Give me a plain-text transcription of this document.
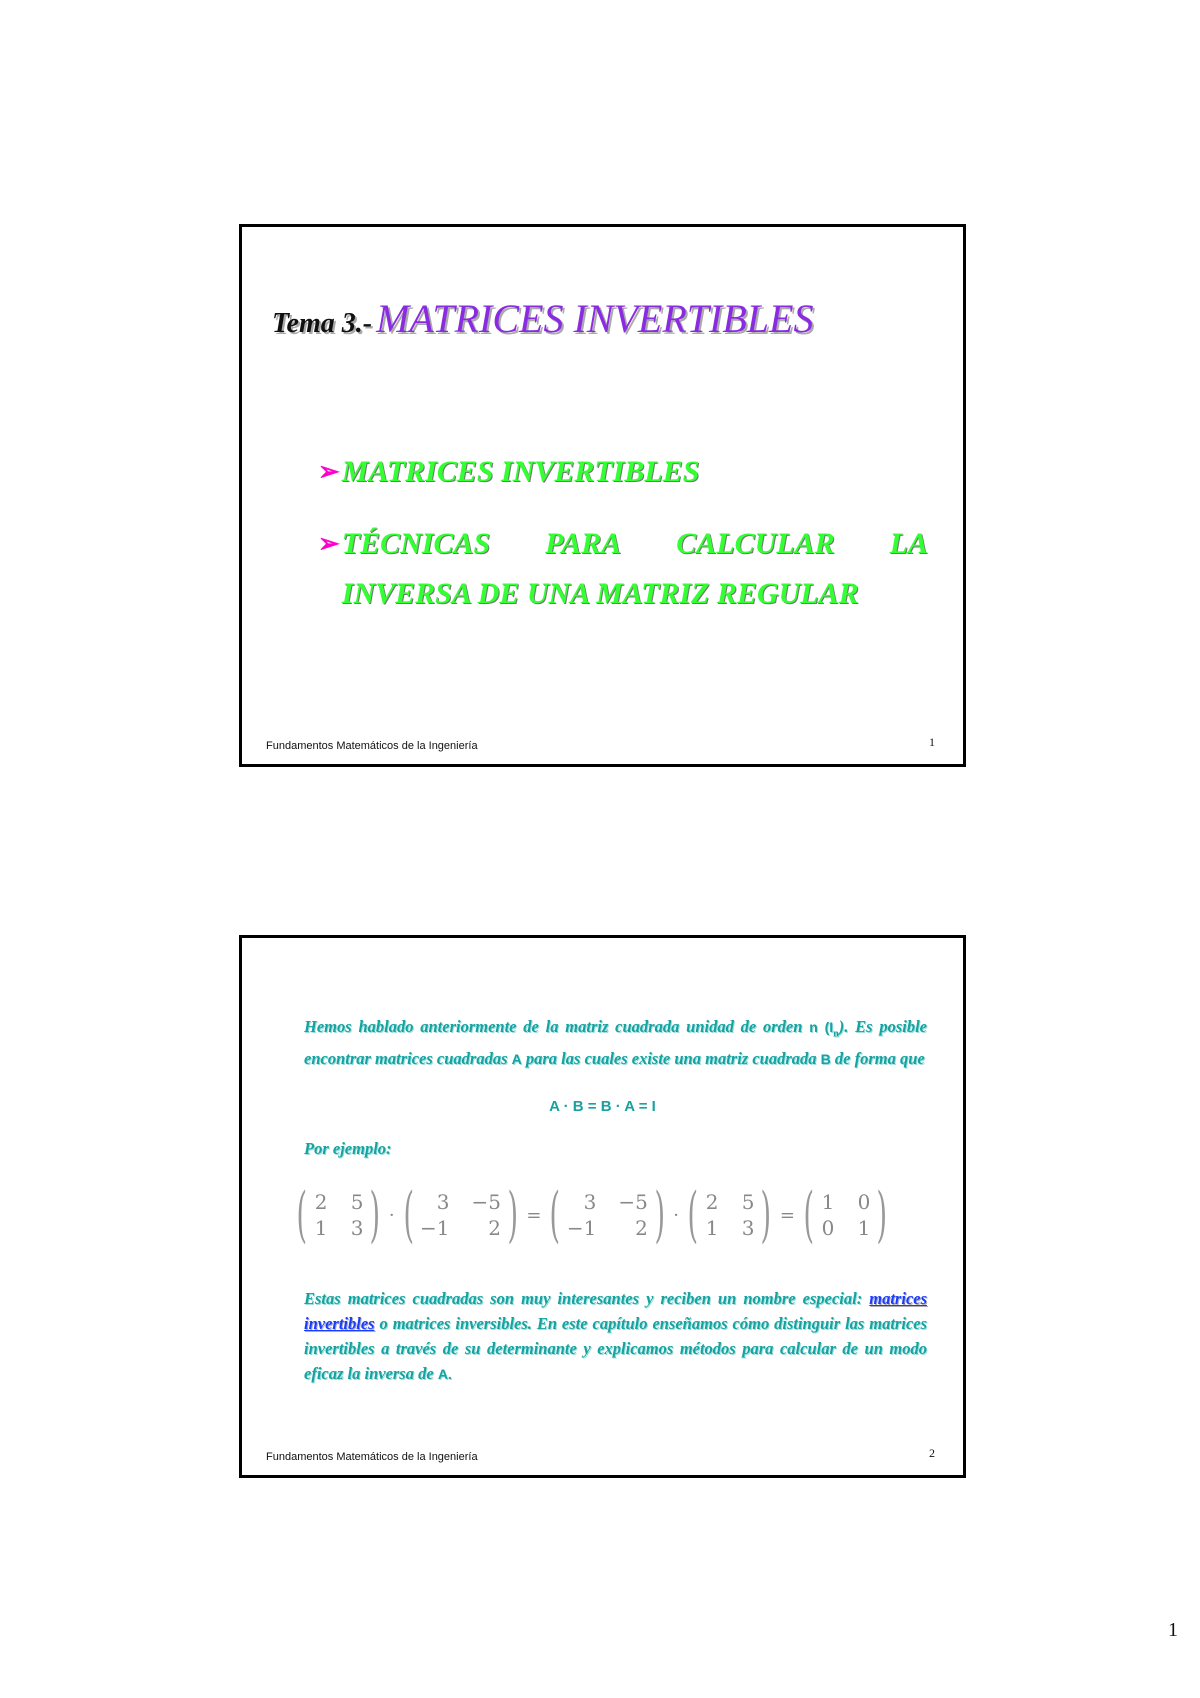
Tema 3.- MATRICES INVERTIBLES
➢ MATRICES INVERTIBLES
➢ TÉCNICAS PARA CALCULAR LA
INVERSA DE UNA MATRIZ REGULAR
Fundamentos Matemáticos de la Ingeniería	1
Hemos hablado anteriormente de la matriz cuadrada unidad de orden n $(I_n)$. Es posible encontrar matrices cuadradas A para las cuales existe una matriz cuadrada B de forma que
A · B = B · A = I
Por ejemplo:
( 2 5
1 3 ) · (	3 −5
−1	2 ) = (	3 −5
−1	2 ) · ( 2 5
1 3 ) = ( 1 0
0 1 )
Estas matrices cuadradas son muy interesantes y reciben un nombre especial: matrices invertibles o matrices inversibles. En este capítulo enseñamos cómo distinguir las matrices invertibles a través de su determinante y explicamos métodos para calcular de un modo eficaz la inversa de A.
Fundamentos Matemáticos de la Ingeniería	2
1
